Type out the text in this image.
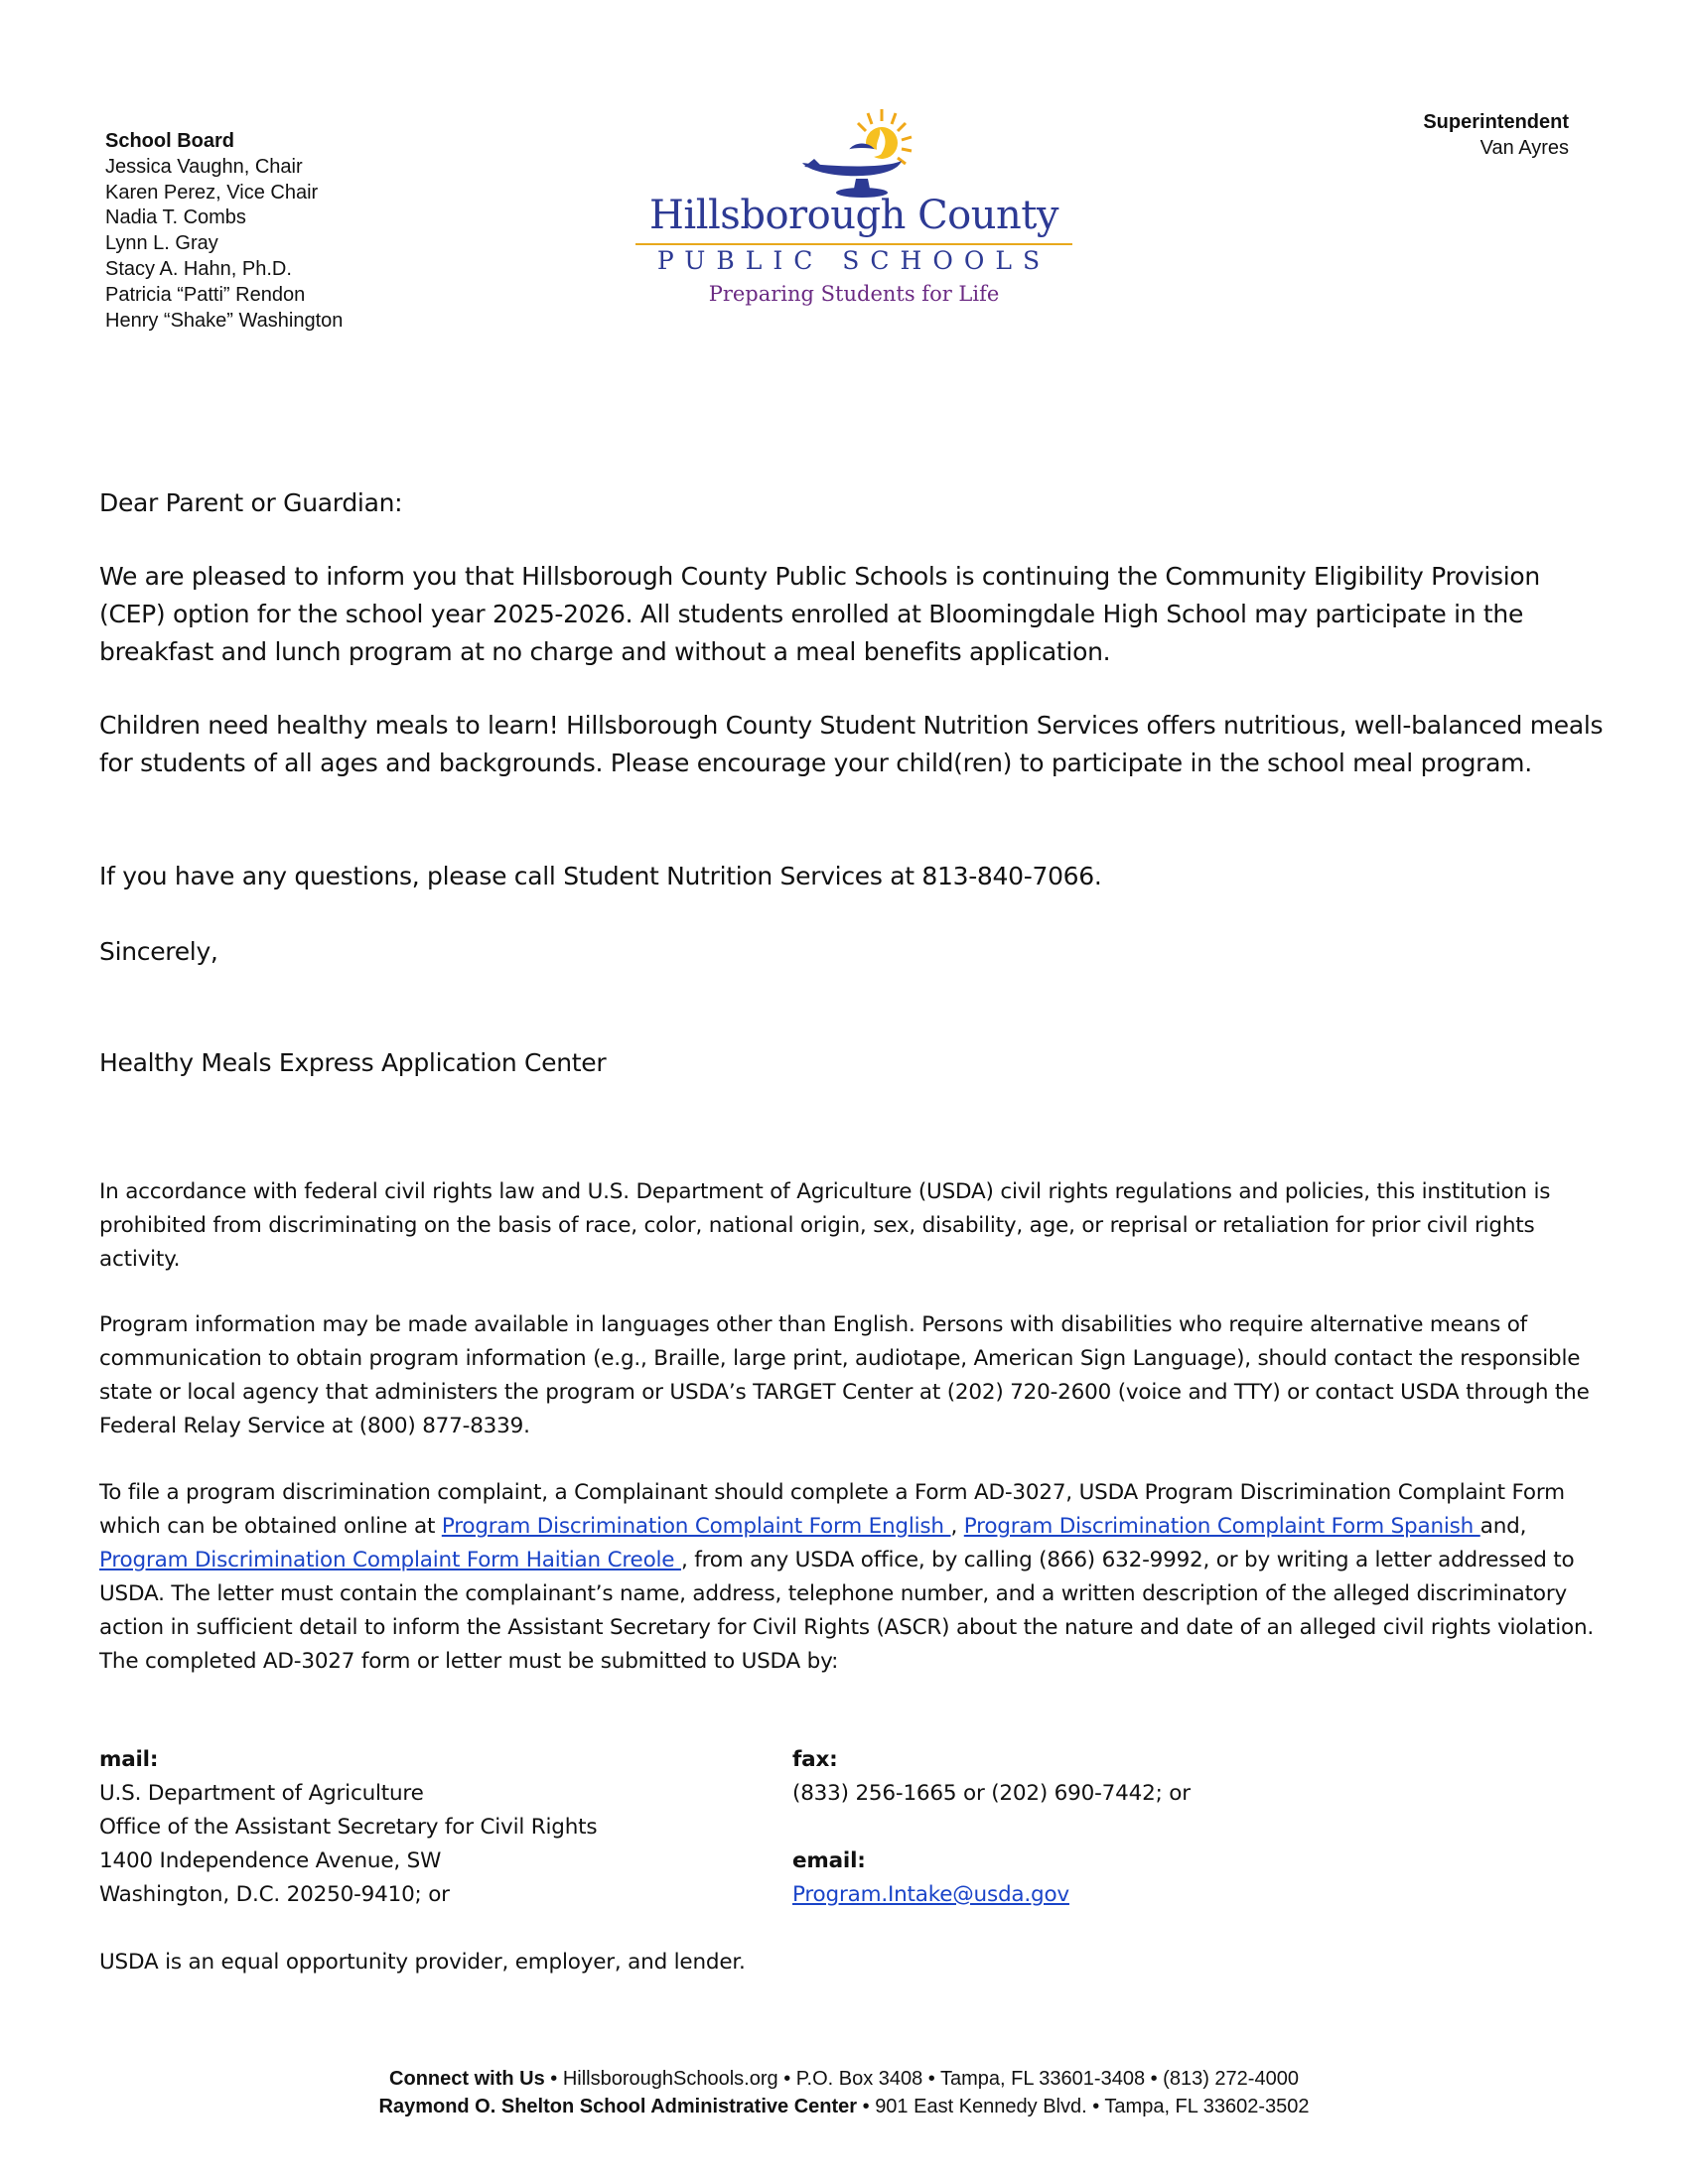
School Board
Jessica Vaughn, Chair
Karen Perez, Vice Chair
Nadia T. Combs
Lynn L. Gray
Stacy A. Hahn, Ph.D.
Patricia “Patti” Rendon
Henry “Shake” Washington
Hillsborough County
PUBLIC SCHOOLS
Preparing Students for Life
Superintendent
Van Ayres

Dear Parent or Guardian:

We are pleased to inform you that Hillsborough County Public Schools is continuing the Community Eligibility Provision (CEP) option for the school year 2025-2026. All students enrolled at Bloomingdale High School may participate in the breakfast and lunch program at no charge and without a meal benefits application.

Children need healthy meals to learn! Hillsborough County Student Nutrition Services offers nutritious, well-balanced meals for students of all ages and backgrounds. Please encourage your child(ren) to participate in the school meal program.

If you have any questions, please call Student Nutrition Services at 813-840-7066.

Sincerely,

Healthy Meals Express Application Center

In accordance with federal civil rights law and U.S. Department of Agriculture (USDA) civil rights regulations and policies, this institution is prohibited from discriminating on the basis of race, color, national origin, sex, disability, age, or reprisal or retaliation for prior civil rights activity.

Program information may be made available in languages other than English. Persons with disabilities who require alternative means of communication to obtain program information (e.g., Braille, large print, audiotape, American Sign Language), should contact the responsible state or local agency that administers the program or USDA’s TARGET Center at (202) 720-2600 (voice and TTY) or contact USDA through the Federal Relay Service at (800) 877-8339.

To file a program discrimination complaint, a Complainant should complete a Form AD-3027, USDA Program Discrimination Complaint Form which can be obtained online at Program Discrimination Complaint Form English , Program Discrimination Complaint Form Spanish and, Program Discrimination Complaint Form Haitian Creole , from any USDA office, by calling (866) 632-9992, or by writing a letter addressed to USDA. The letter must contain the complainant’s name, address, telephone number, and a written description of the alleged discriminatory action in sufficient detail to inform the Assistant Secretary for Civil Rights (ASCR) about the nature and date of an alleged civil rights violation. The completed AD-3027 form or letter must be submitted to USDA by:

mail:
U.S. Department of Agriculture
Office of the Assistant Secretary for Civil Rights
1400 Independence Avenue, SW
Washington, D.C. 20250-9410; or
fax:
(833) 256-1665 or (202) 690-7442; or

email:
Program.Intake@usda.gov

USDA is an equal opportunity provider, employer, and lender.

Connect with Us • HillsboroughSchools.org • P.O. Box 3408 • Tampa, FL 33601-3408 • (813) 272-4000
Raymond O. Shelton School Administrative Center • 901 East Kennedy Blvd. • Tampa, FL 33602-3502
